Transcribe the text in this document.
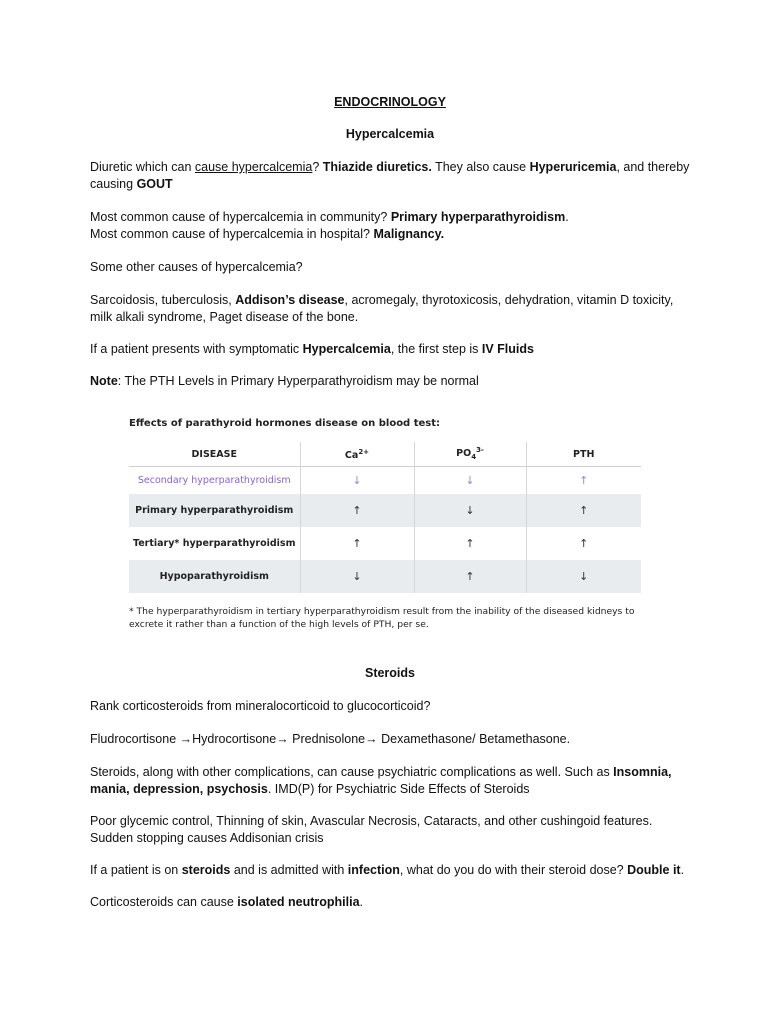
ENDOCRINOLOGY

Hypercalcemia

Diuretic which can cause hypercalcemia? Thiazide diuretics. They also cause Hyperuricemia, and thereby causing GOUT

Most common cause of hypercalcemia in community? Primary hyperparathyroidism.

Most common cause of hypercalcemia in hospital? Malignancy.

Some other causes of hypercalcemia?

Sarcoidosis, tuberculosis, Addison’s disease, acromegaly, thyrotoxicosis, dehydration, vitamin D toxicity, milk alkali syndrome, Paget disease of the bone.

If a patient presents with symptomatic Hypercalcemia, the first step is IV Fluids

Note: The PTH Levels in Primary Hyperparathyroidism may be normal

Effects of parathyroid hormones disease on blood test:
DISEASE	$Ca^{2+}$	$PO_4^{3-}$	PTH
Secondary hyperparathyroidism	↓	↓	↑
Primary hyperparathyroidism	↑	↓	↑
Tertiary* hyperparathyroidism	↑	↑	↑
Hypoparathyroidism	↓	↑	↓
* The hyperparathyroidism in tertiary hyperparathyroidism result from the inability of the diseased kidneys to excrete it rather than a function of the high levels of PTH, per se.

Steroids

Rank corticosteroids from mineralocorticoid to glucocorticoid?

Fludrocortisone →Hydrocortisone→ Prednisolone→ Dexamethasone/ Betamethasone.

Steroids, along with other complications, can cause psychiatric complications as well. Such as Insomnia, mania, depression, psychosis. IMD(P) for Psychiatric Side Effects of Steroids

Poor glycemic control, Thinning of skin, Avascular Necrosis, Cataracts, and other cushingoid features. Sudden stopping causes Addisonian crisis

If a patient is on steroids and is admitted with infection, what do you do with their steroid dose? Double it.

Corticosteroids can cause isolated neutrophilia.
